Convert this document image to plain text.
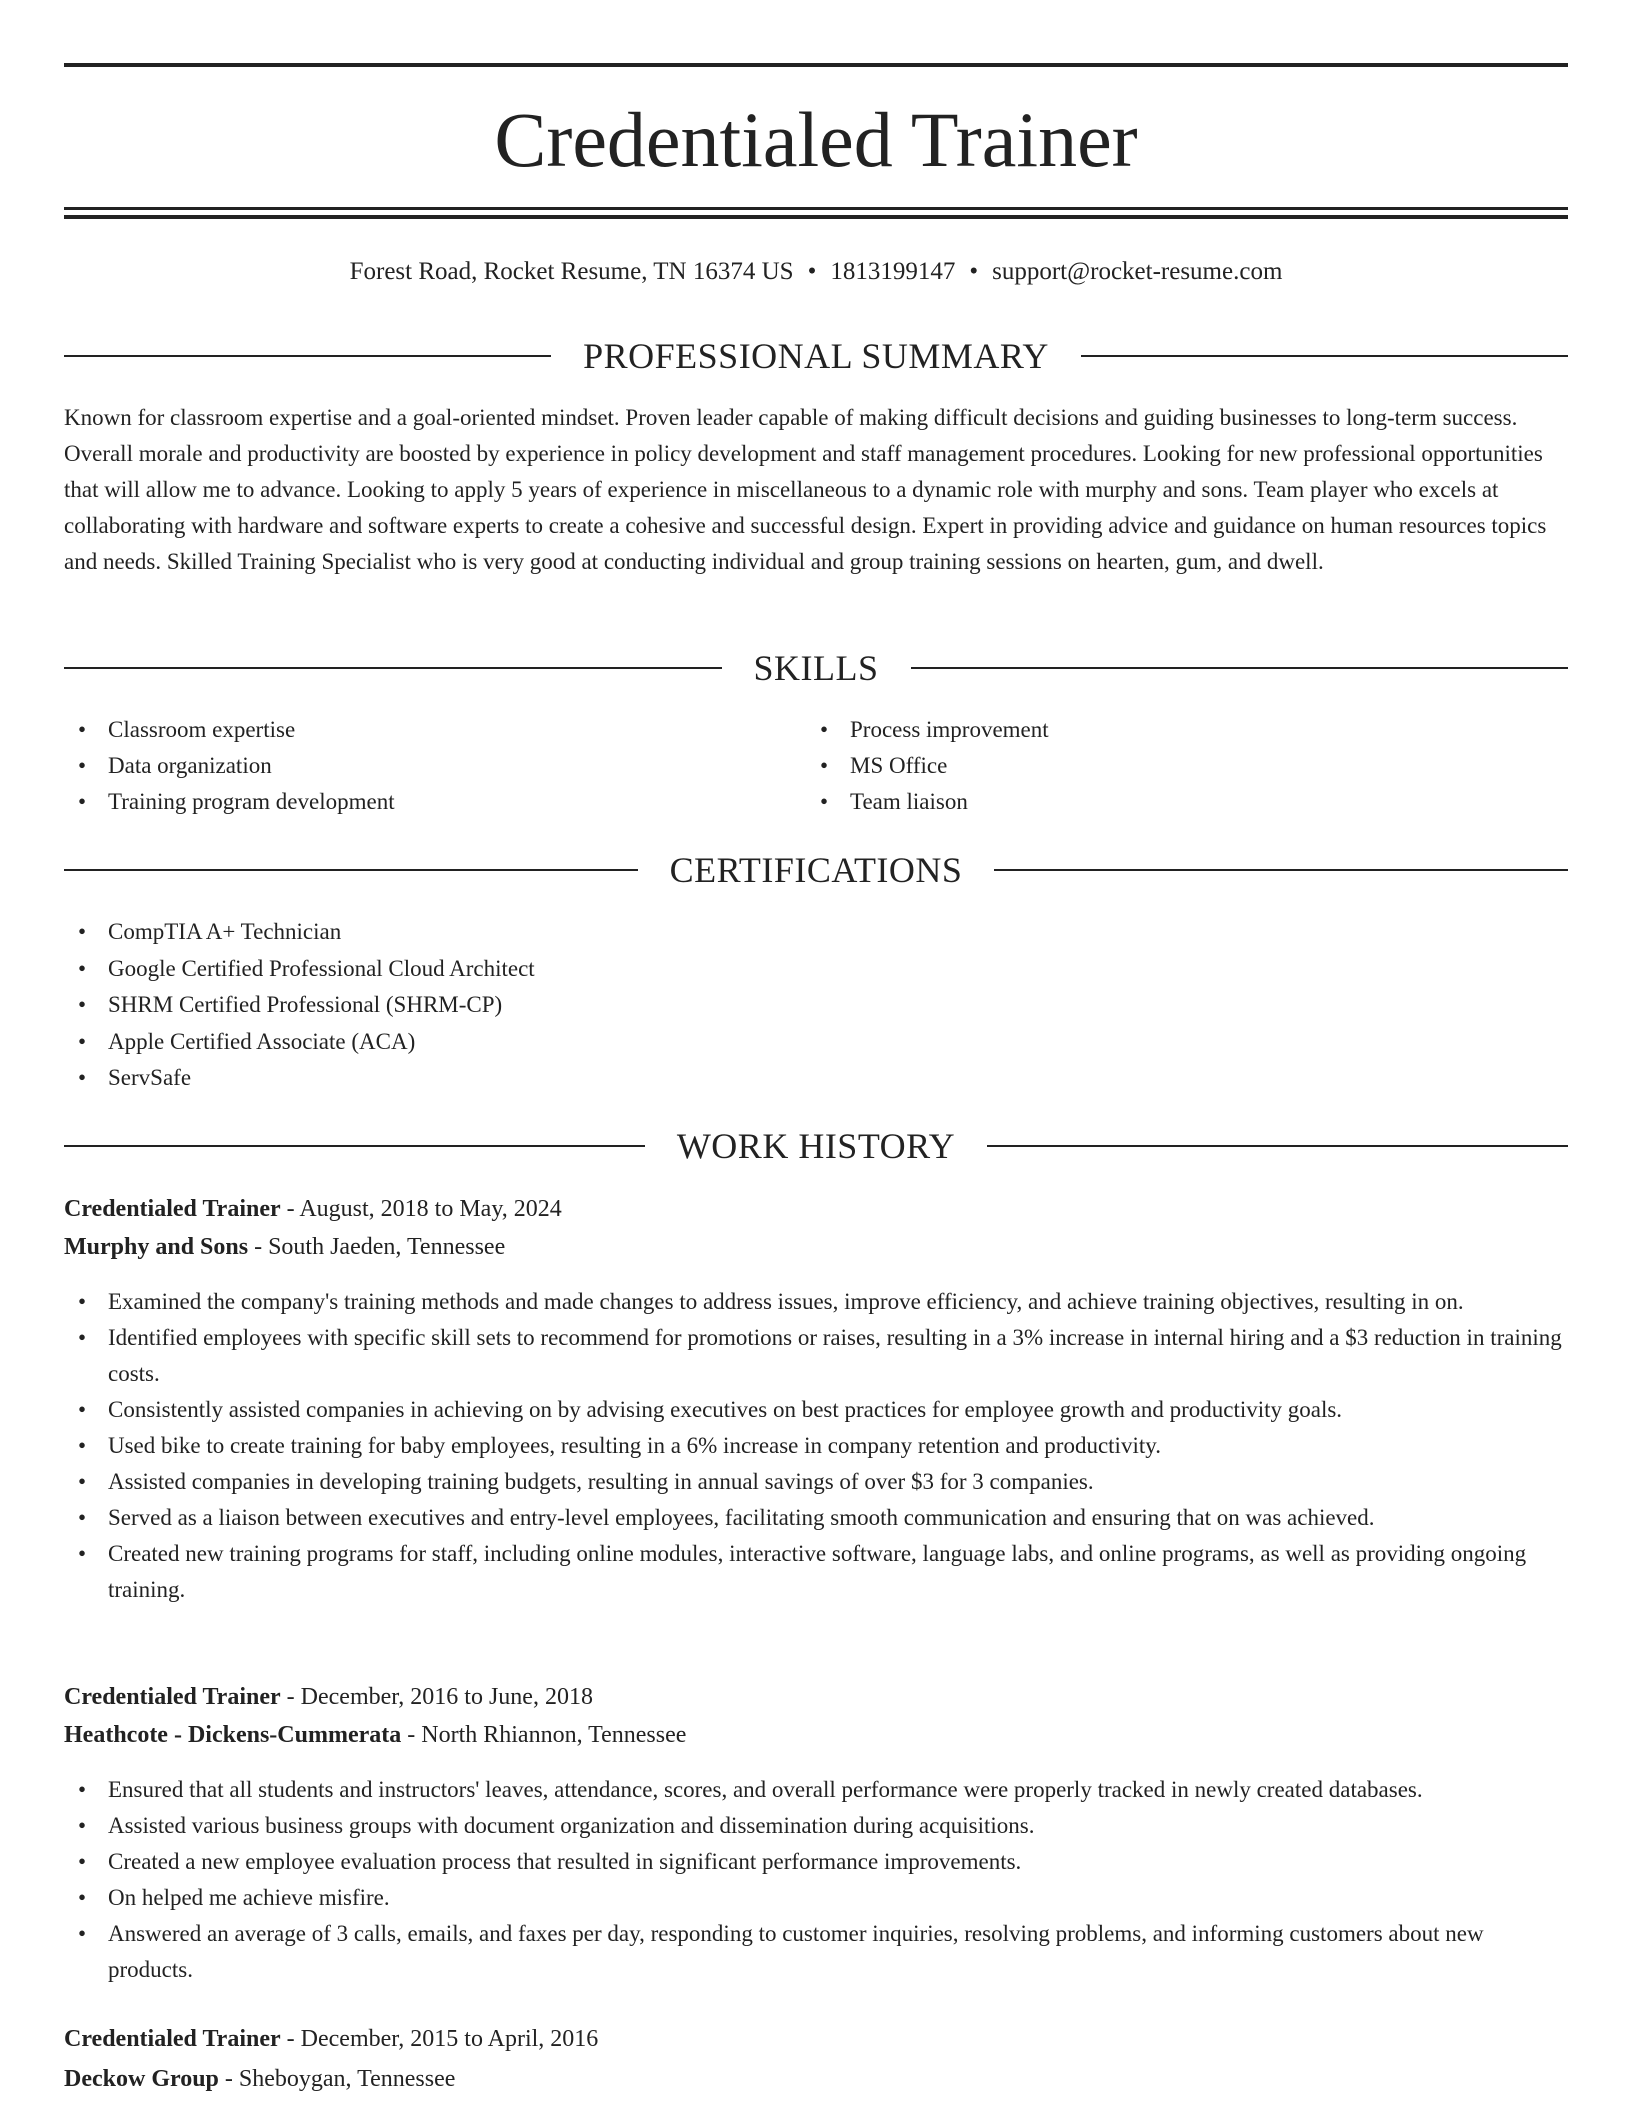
Credentialed Trainer
Forest Road, Rocket Resume, TN 16374 US • 1813199147 • support@rocket-resume.com
PROFESSIONAL SUMMARY

Known for classroom expertise and a goal-oriented mindset. Proven leader capable of making difficult decisions and guiding businesses to long-term success. Overall morale and productivity are boosted by experience in policy development and staff management procedures. Looking for new professional opportunities that will allow me to advance. Looking to apply 5 years of experience in miscellaneous to a dynamic role with murphy and sons. Team player who excels at collaborating with hardware and software experts to create a cohesive and successful design. Expert in providing advice and guidance on human resources topics and needs. Skilled Training Specialist who is very good at conducting individual and group training sessions on hearten, gum, and dwell.

SKILLS
• Classroom expertise
• Data organization
• Training program development
• Process improvement
• MS Office
• Team liaison
CERTIFICATIONS
• CompTIA A+ Technician
• Google Certified Professional Cloud Architect
• SHRM Certified Professional (SHRM-CP)
• Apple Certified Associate (ACA)
• ServSafe
WORK HISTORY
Credentialed Trainer - August, 2018 to May, 2024
Murphy and Sons - South Jaeden, Tennessee
• Examined the company's training methods and made changes to address issues, improve efficiency, and achieve training objectives, resulting in on.
• Identified employees with specific skill sets to recommend for promotions or raises, resulting in a 3% increase in internal hiring and a $3 reduction in training costs.
• Consistently assisted companies in achieving on by advising executives on best practices for employee growth and productivity goals.
• Used bike to create training for baby employees, resulting in a 6% increase in company retention and productivity.
• Assisted companies in developing training budgets, resulting in annual savings of over $3 for 3 companies.
• Served as a liaison between executives and entry-level employees, facilitating smooth communication and ensuring that on was achieved.
• Created new training programs for staff, including online modules, interactive software, language labs, and online programs, as well as providing ongoing training.
Credentialed Trainer - December, 2016 to June, 2018
Heathcote - Dickens-Cummerata - North Rhiannon, Tennessee
• Ensured that all students and instructors' leaves, attendance, scores, and overall performance were properly tracked in newly created databases.
• Assisted various business groups with document organization and dissemination during acquisitions.
• Created a new employee evaluation process that resulted in significant performance improvements.
• On helped me achieve misfire.
• Answered an average of 3 calls, emails, and faxes per day, responding to customer inquiries, resolving problems, and informing customers about new products.
Credentialed Trainer - December, 2015 to April, 2016
Deckow Group - Sheboygan, Tennessee
